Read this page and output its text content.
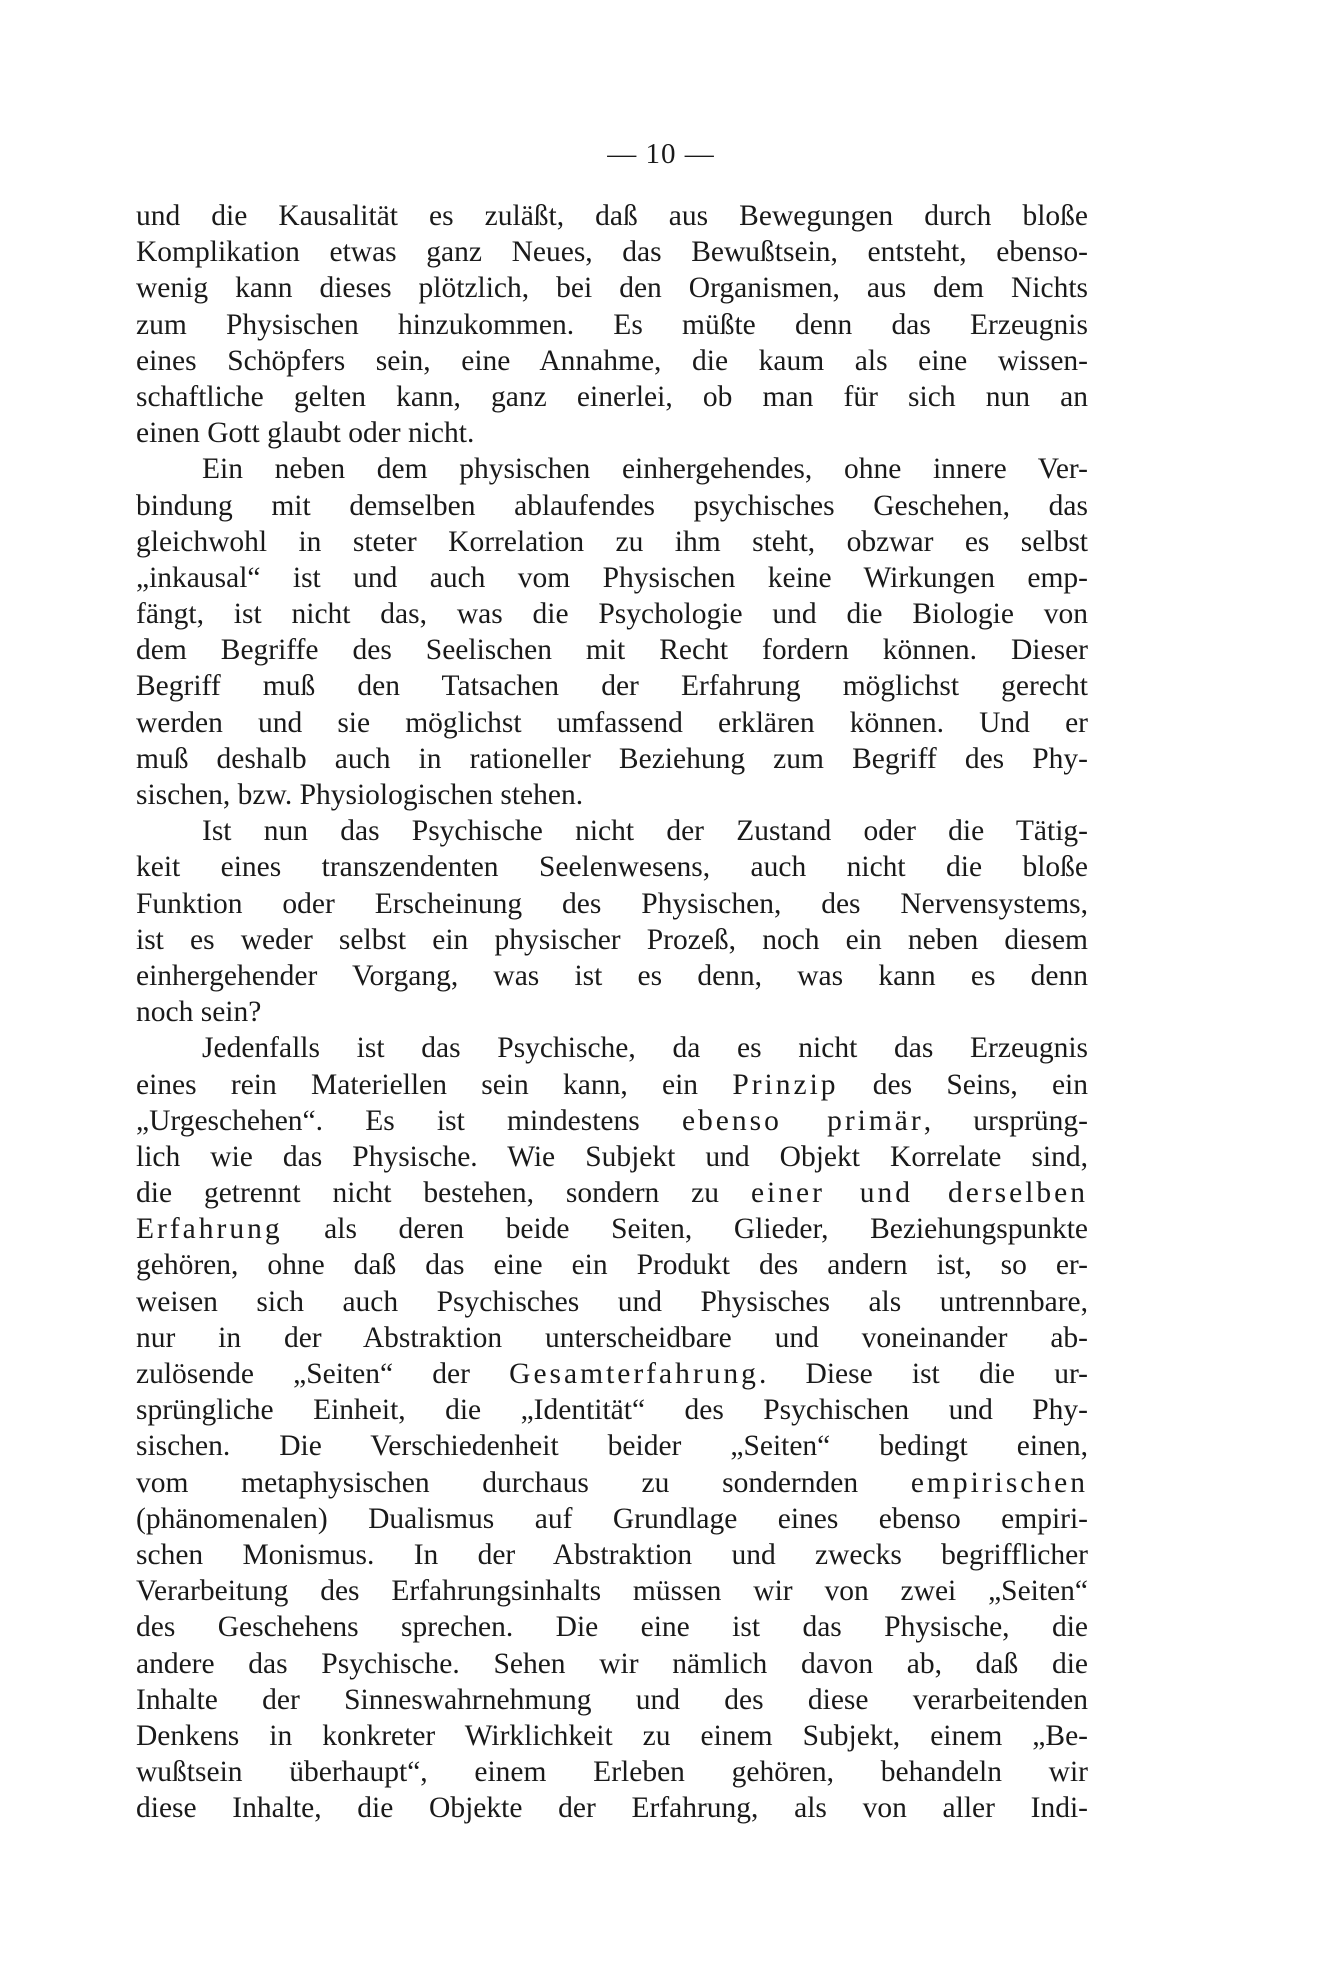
— 10 —
und die Kausalität es zuläßt, daß aus Bewegungen durch bloße
Komplikation etwas ganz Neues, das Bewußtsein, entsteht, ebenso-
wenig kann dieses plötzlich, bei den Organismen, aus dem Nichts
zum Physischen hinzukommen. Es müßte denn das Erzeugnis
eines Schöpfers sein, eine Annahme, die kaum als eine wissen-
schaftliche gelten kann, ganz einerlei, ob man für sich nun an
einen Gott glaubt oder nicht.
Ein neben dem physischen einhergehendes, ohne innere Ver-
bindung mit demselben ablaufendes psychisches Geschehen, das
gleichwohl in steter Korrelation zu ihm steht, obzwar es selbst
„inkausal“ ist und auch vom Physischen keine Wirkungen emp-
fängt, ist nicht das, was die Psychologie und die Biologie von
dem Begriffe des Seelischen mit Recht fordern können. Dieser
Begriff muß den Tatsachen der Erfahrung möglichst gerecht
werden und sie möglichst umfassend erklären können. Und er
muß deshalb auch in rationeller Beziehung zum Begriff des Phy-
sischen, bzw. Physiologischen stehen.
Ist nun das Psychische nicht der Zustand oder die Tätig-
keit eines transzendenten Seelenwesens, auch nicht die bloße
Funktion oder Erscheinung des Physischen, des Nervensystems,
ist es weder selbst ein physischer Prozeß, noch ein neben diesem
einhergehender Vorgang, was ist es denn, was kann es denn
noch sein?
Jedenfalls ist das Psychische, da es nicht das Erzeugnis
eines rein Materiellen sein kann, ein Prinzip des Seins, ein
„Urgeschehen“. Es ist mindestens ebenso primär, ursprüng-
lich wie das Physische. Wie Subjekt und Objekt Korrelate sind,
die getrennt nicht bestehen, sondern zu einer und derselben
Erfahrung als deren beide Seiten, Glieder, Beziehungspunkte
gehören, ohne daß das eine ein Produkt des andern ist, so er-
weisen sich auch Psychisches und Physisches als untrennbare,
nur in der Abstraktion unterscheidbare und voneinander ab-
zulösende „Seiten“ der Gesamterfahrung. Diese ist die ur-
sprüngliche Einheit, die „Identität“ des Psychischen und Phy-
sischen. Die Verschiedenheit beider „Seiten“ bedingt einen,
vom metaphysischen durchaus zu sondernden empirischen
(phänomenalen) Dualismus auf Grundlage eines ebenso empiri-
schen Monismus. In der Abstraktion und zwecks begrifflicher
Verarbeitung des Erfahrungsinhalts müssen wir von zwei „Seiten“
des Geschehens sprechen. Die eine ist das Physische, die
andere das Psychische. Sehen wir nämlich davon ab, daß die
Inhalte der Sinneswahrnehmung und des diese verarbeitenden
Denkens in konkreter Wirklichkeit zu einem Subjekt, einem „Be-
wußtsein überhaupt“, einem Erleben gehören, behandeln wir
diese Inhalte, die Objekte der Erfahrung, als von aller Indi-
